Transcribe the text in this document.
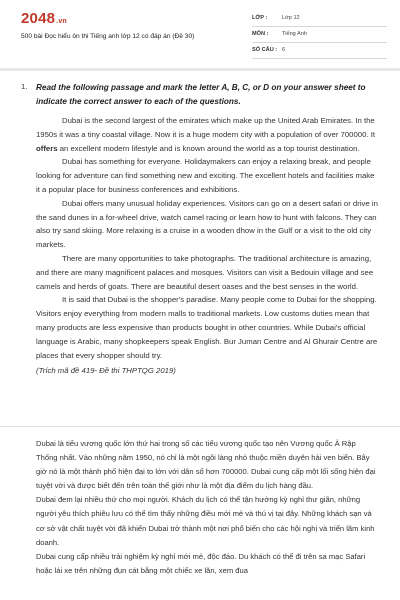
2048.vn
500 bài Đọc hiểu ôn thi Tiếng anh lớp 12 có đáp án (Đề 30)
LỚP :	Lớp 12
MÔN : Tiếng Anh
SỐ CÂU : 6
1. Read the following passage and mark the letter A, B, C, or D on your answer sheet to indicate the correct answer to each of the questions.

Dubai is the second largest of the emirates which make up the United Arab Emirates. In the 1950s it was a tiny coastal village. Now it is a huge modern city with a population of over 700000. It offers an excellent modern lifestyle and is known around the world as a top tourist destination.

Dubai has something for everyone. Holidaymakers can enjoy a relaxing break, and people looking for adventure can find something new and exciting. The excellent hotels and facilities make it a popular place for business conferences and exhibitions.

Dubai offers many unusual holiday experiences. Visitors can go on a desert safari or drive in the sand dunes in a for-wheel drive, watch camel racing or learn how to hunt with falcons. They can also try sand skiing. More relaxing is a cruise in a wooden dhow in the Gulf or a visit to the old city markets.

There are many opportunities to take photographs. The traditional architecture is amazing, and there are many magnificent palaces and mosques. Visitors can visit a Bedouin village and see camels and herds of goats. There are beautiful desert oases and the best senses in the world.

It is said that Dubai is the shopper's paradise. Many people come to Dubai for the shopping. Visitors enjoy everything from modern malls to traditional markets. Low customs duties mean that many products are less expensive than products bought in other countries. While Dubai's official language is Arabic, many shopkeepers speak English. Bur Juman Centre and Al Ghurair Centre are places that every shopper should try.

(Trích mã đề 419- Đề thi THPTQG 2019)

Dubai là tiểu vương quốc lớn thứ hai trong số các tiểu vương quốc tạo nên Vương quốc Ả Rập Thống nhất. Vào những năm 1950, nó chỉ là một ngôi làng nhỏ thuộc miền duyên hải ven biển. Bây giờ nó là một thành phố hiện đại to lớn với dân số hơn 700000. Dubai cung cấp một lối sống hiện đại tuyệt vời và được biết đến trên toàn thế giới như là một địa điểm du lịch hàng đầu.

Dubai đem lại nhiều thứ cho mọi người. Khách du lịch có thể tận hưởng kỳ nghỉ thư giãn, những người yêu thích phiêu lưu có thể tìm thấy những điều mới mẻ và thú vị tại đây. Những khách sạn và cơ sở vật chất tuyệt vời đã khiến Dubai trở thành một nơi phổ biến cho các hội nghị và triển lãm kinh doanh.

Dubai cung cấp nhiều trải nghiệm kỳ nghỉ mới mẻ, độc đáo. Du khách có thể đi trên sa mạc Safari hoặc lái xe trên những đụn cát bằng một chiếc xe lăn, xem đua
